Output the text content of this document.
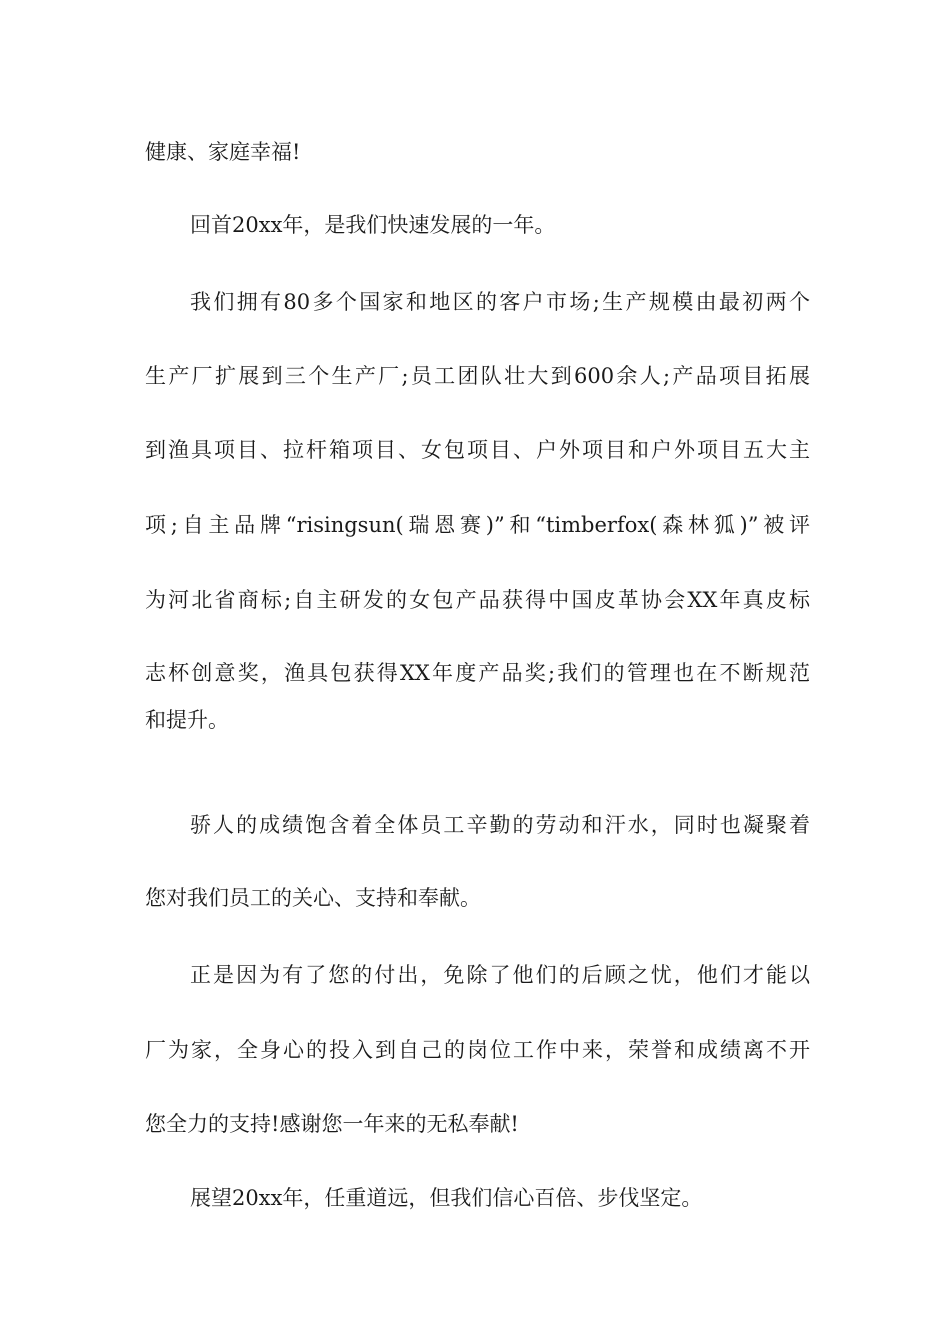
健康、家庭幸福!
回首20xx年，是我们快速发展的一年。
我们拥有80多个国家和地区的客户市场;生产规模由最初两个
生产厂扩展到三个生产厂;员工团队壮大到600余人;产品项目拓展
到渔具项目、拉杆箱项目、女包项目、户外项目和户外项目五大主
项;自主品牌“risingsun(瑞恩赛)”和“timberfox(森林狐)”被评
为河北省商标;自主研发的女包产品获得中国皮革协会XX年真皮标
志杯创意奖，渔具包获得XX年度产品奖;我们的管理也在不断规范
和提升。
骄人的成绩饱含着全体员工辛勤的劳动和汗水，同时也凝聚着
您对我们员工的关心、支持和奉献。
正是因为有了您的付出，免除了他们的后顾之忧，他们才能以
厂为家，全身心的投入到自己的岗位工作中来，荣誉和成绩离不开
您全力的支持!感谢您一年来的无私奉献!
展望20xx年，任重道远，但我们信心百倍、步伐坚定。
